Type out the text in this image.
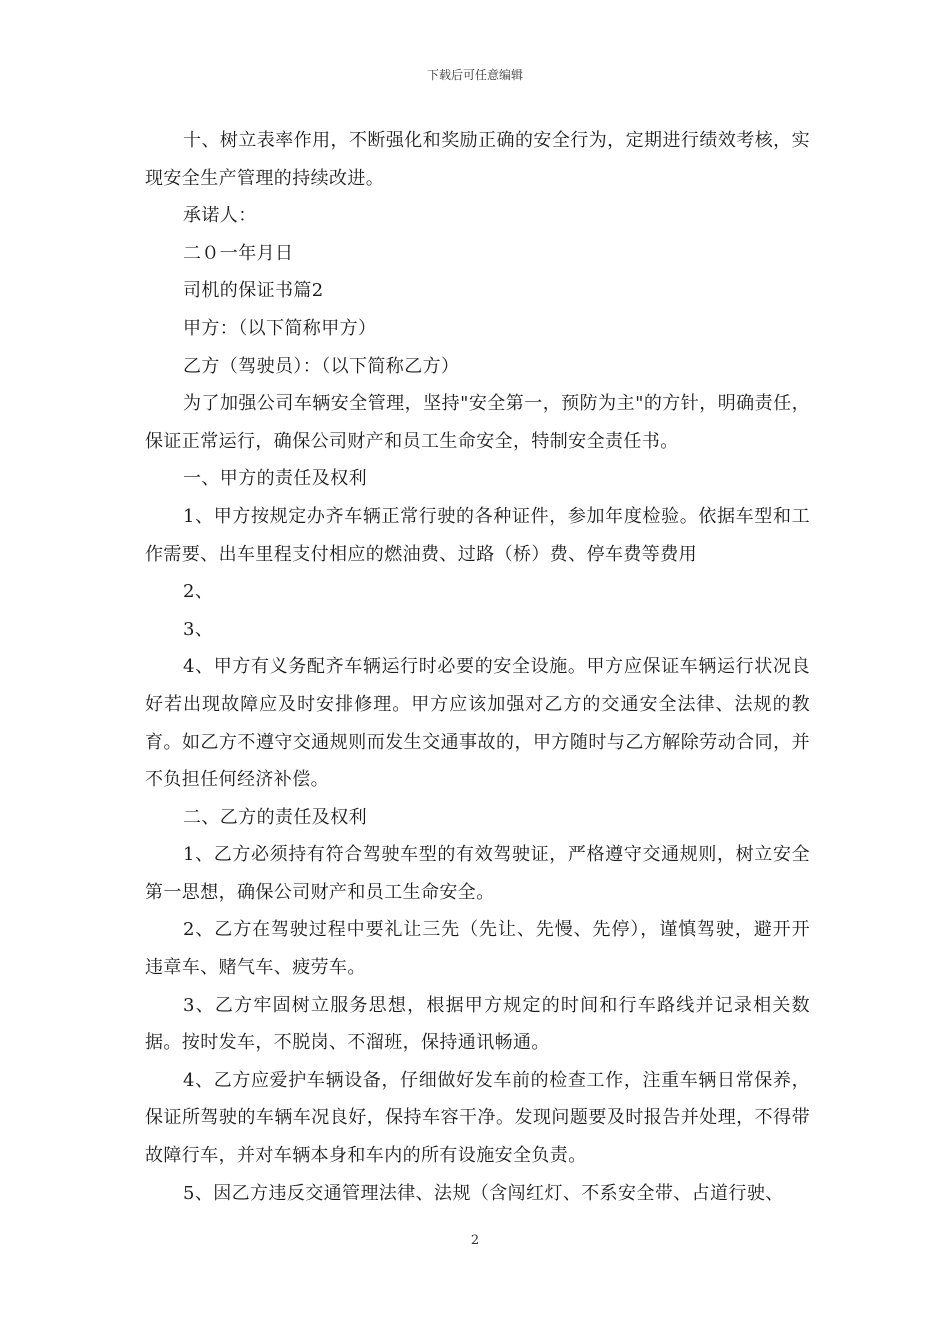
下载后可任意编辑

十、树立表率作用，不断强化和奖励正确的安全行为，定期进行绩效考核，实现安全生产管理的持续改进。

承诺人：

二０一年月日

司机的保证书篇2

甲方：（以下简称甲方）

乙方（驾驶员）：（以下简称乙方）

为了加强公司车辆安全管理，坚持"安全第一，预防为主"的方针，明确责任，保证正常运行，确保公司财产和员工生命安全，特制安全责任书。

一、甲方的责任及权利

1、甲方按规定办齐车辆正常行驶的各种证件，参加年度检验。依据车型和工作需要、出车里程支付相应的燃油费、过路（桥）费、停车费等费用

2、

3、

4、甲方有义务配齐车辆运行时必要的安全设施。甲方应保证车辆运行状况良好若出现故障应及时安排修理。甲方应该加强对乙方的交通安全法律、法规的教育。如乙方不遵守交通规则而发生交通事故的，甲方随时与乙方解除劳动合同，并不负担任何经济补偿。

二、乙方的责任及权利

1、乙方必须持有符合驾驶车型的有效驾驶证，严格遵守交通规则，树立安全第一思想，确保公司财产和员工生命安全。

2、乙方在驾驶过程中要礼让三先（先让、先慢、先停），谨慎驾驶，避开开违章车、赌气车、疲劳车。

3、乙方牢固树立服务思想，根据甲方规定的时间和行车路线并记录相关数据。按时发车，不脱岗、不溜班，保持通讯畅通。

4、乙方应爱护车辆设备，仔细做好发车前的检查工作，注重车辆日常保养，保证所驾驶的车辆车况良好，保持车容干净。发现问题要及时报告并处理，不得带故障行车，并对车辆本身和车内的所有设施安全负责。

5、因乙方违反交通管理法律、法规（含闯红灯、不系安全带、占道行驶、

2
